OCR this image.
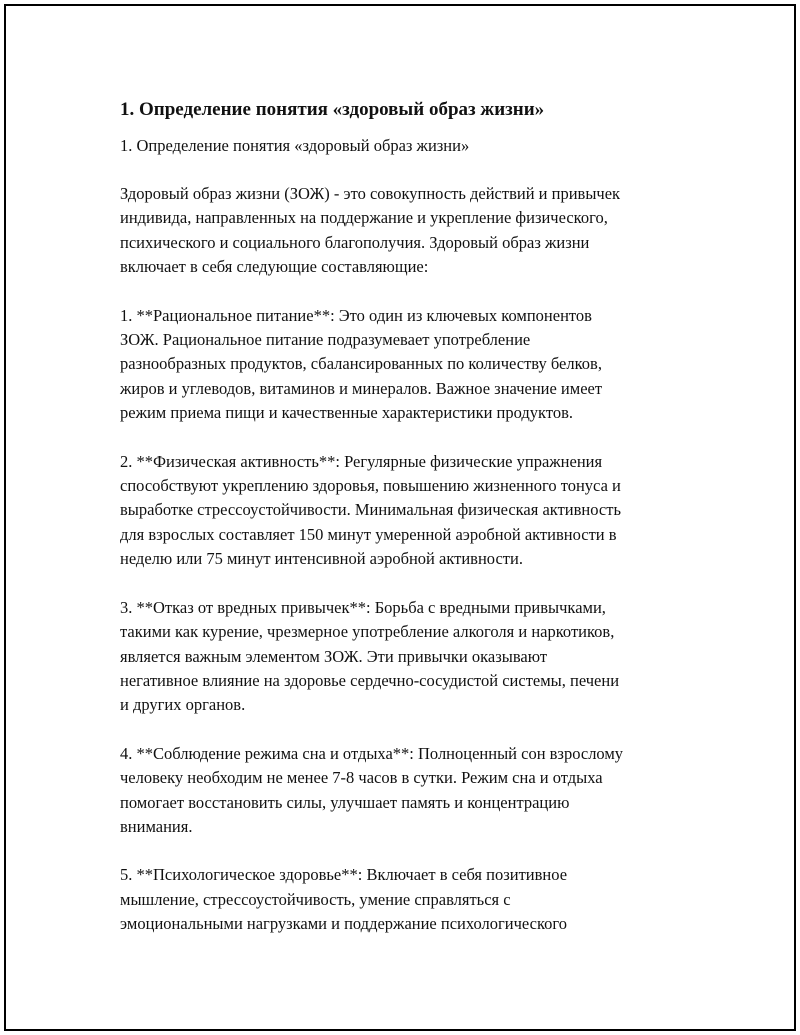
1. Определение понятия «здоровый образ жизни»
1. Определение понятия «здоровый образ жизни»
Здоровый образ жизни (ЗОЖ) - это совокупность действий и привычек
индивида, направленных на поддержание и укрепление физического,
психического и социального благополучия. Здоровый образ жизни
включает в себя следующие составляющие:
1. **Рациональное питание**: Это один из ключевых компонентов
ЗОЖ. Рациональное питание подразумевает употребление
разнообразных продуктов, сбалансированных по количеству белков,
жиров и углеводов, витаминов и минералов. Важное значение имеет
режим приема пищи и качественные характеристики продуктов.
2. **Физическая активность**: Регулярные физические упражнения
способствуют укреплению здоровья, повышению жизненного тонуса и
выработке стрессоустойчивости. Минимальная физическая активность
для взрослых составляет 150 минут умеренной аэробной активности в
неделю или 75 минут интенсивной аэробной активности.
3. **Отказ от вредных привычек**: Борьба с вредными привычками,
такими как курение, чрезмерное употребление алкоголя и наркотиков,
является важным элементом ЗОЖ. Эти привычки оказывают
негативное влияние на здоровье сердечно-сосудистой системы, печени
и других органов.
4. **Соблюдение режима сна и отдыха**: Полноценный сон взрослому
человеку необходим не менее 7-8 часов в сутки. Режим сна и отдыха
помогает восстановить силы, улучшает память и концентрацию
внимания.
5. **Психологическое здоровье**: Включает в себя позитивное
мышление, стрессоустойчивость, умение справляться с
эмоциональными нагрузками и поддержание психологического
